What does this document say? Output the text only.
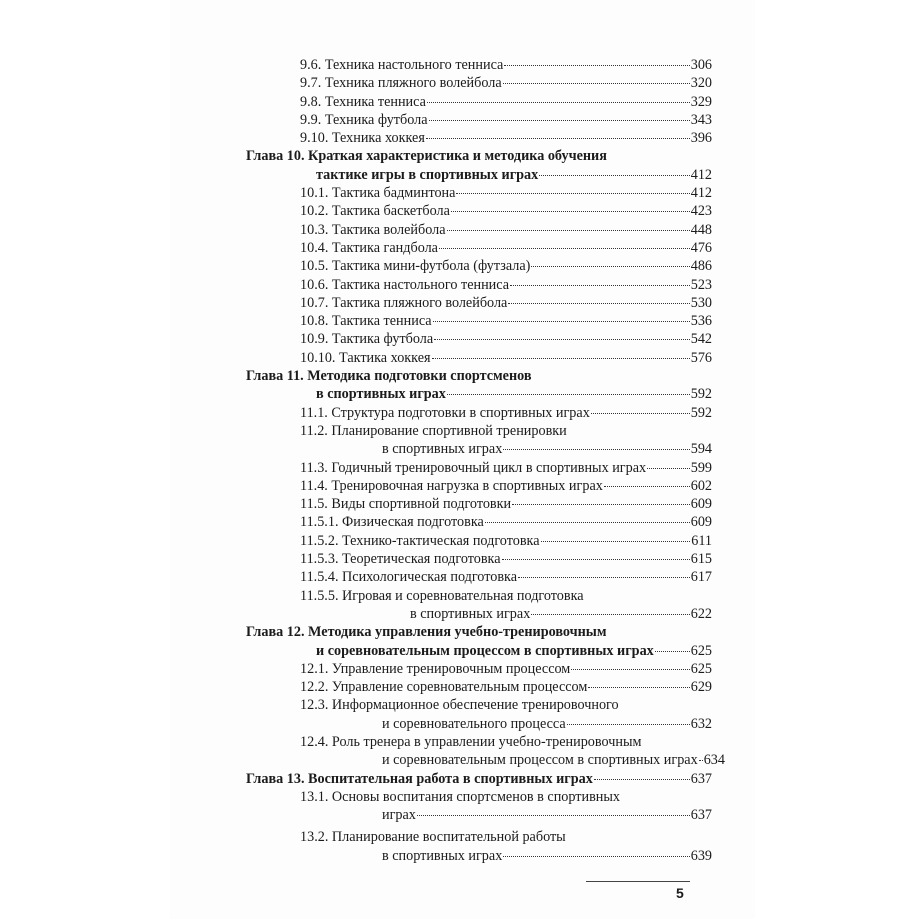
9.6. Техника настольного тенниса	306
9.7. Техника пляжного волейбола	320
9.8. Техника тенниса	329
9.9. Техника футбола	343
9.10. Техника хоккея	396
Глава 10. Краткая характеристика и методика обучения
тактике игры в спортивных играх	412
10.1. Тактика бадминтона	412
10.2. Тактика баскетбола	423
10.3. Тактика волейбола	448
10.4. Тактика гандбола	476
10.5. Тактика мини-футбола (футзала)	486
10.6. Тактика настольного тенниса	523
10.7. Тактика пляжного волейбола	530
10.8. Тактика тенниса	536
10.9. Тактика футбола	542
10.10. Тактика хоккея	576
Глава 11. Методика подготовки спортсменов
в спортивных играх	592
11.1. Структура подготовки в спортивных играх	592
11.2. Планирование спортивной тренировки
в спортивных играх	594
11.3. Годичный тренировочный цикл в спортивных играх	599
11.4. Тренировочная нагрузка в спортивных играх	602
11.5. Виды спортивной подготовки	609
11.5.1. Физическая подготовка	609
11.5.2. Технико-тактическая подготовка	611
11.5.3. Теоретическая подготовка	615
11.5.4. Психологическая подготовка	617
11.5.5. Игровая и соревновательная подготовка
в спортивных играх	622
Глава 12. Методика управления учебно-тренировочным
и соревновательным процессом в спортивных играх	625
12.1. Управление тренировочным процессом	625
12.2. Управление соревновательным процессом	629
12.3. Информационное обеспечение тренировочного
и соревновательного процесса	632
12.4. Роль тренера в управлении учебно-тренировочным
и соревновательным процессом в спортивных играх 634
Глава 13. Воспитательная работа в спортивных играх	637
13.1. Основы воспитания спортсменов в спортивных
играх	637
13.2. Планирование воспитательной работы
в спортивных играх	639
5
